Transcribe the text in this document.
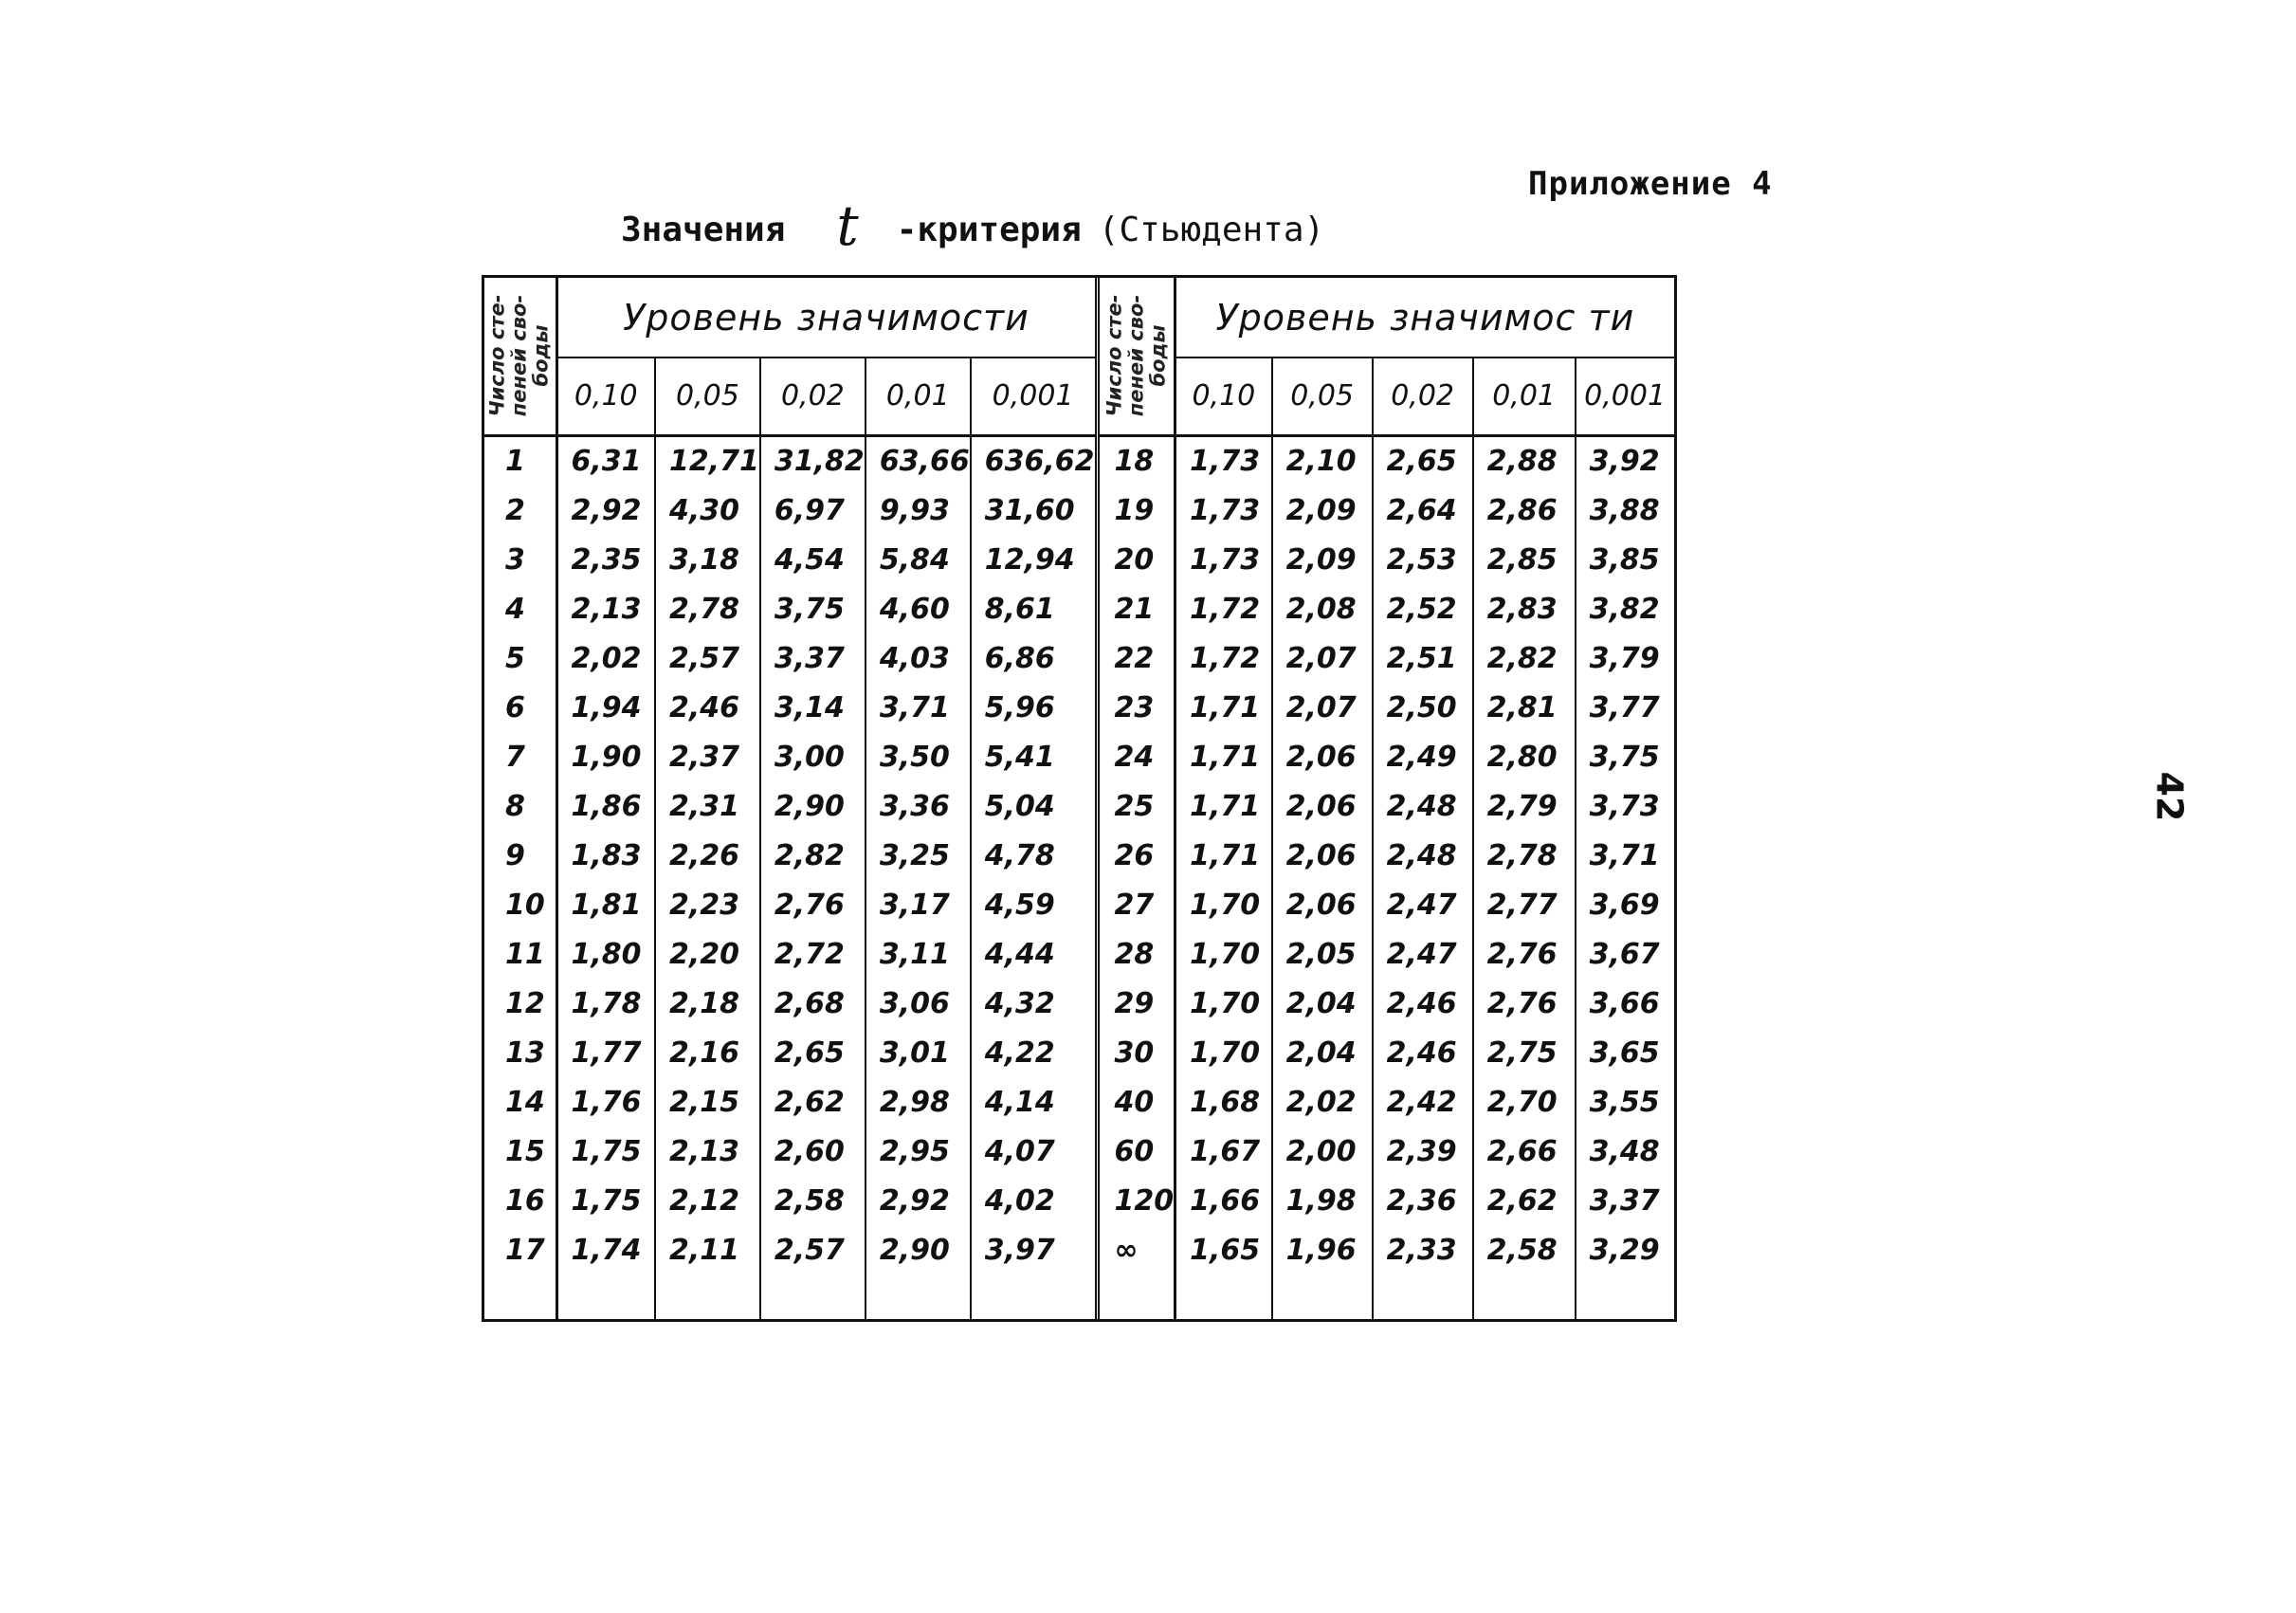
Приложение 4
Значения t -критерия (Стьюдента)
42
Число сте-
пеней сво-
боды	Уровень значимости					Число сте-
пеней сво-
боды	Уровень значимос ти				
	0,10	0,05	0,02	0,01	0,001		0,10	0,05	0,02	0,01	0,001
1	6,31	12,71	31,82	63,66	636,62	18	1,73	2,10	2,65	2,88	3,92
2	2,92	4,30	6,97	9,93	31,60	19	1,73	2,09	2,64	2,86	3,88
3	2,35	3,18	4,54	5,84	12,94	20	1,73	2,09	2,53	2,85	3,85
4	2,13	2,78	3,75	4,60	8,61	21	1,72	2,08	2,52	2,83	3,82
5	2,02	2,57	3,37	4,03	6,86	22	1,72	2,07	2,51	2,82	3,79
6	1,94	2,46	3,14	3,71	5,96	23	1,71	2,07	2,50	2,81	3,77
7	1,90	2,37	3,00	3,50	5,41	24	1,71	2,06	2,49	2,80	3,75
8	1,86	2,31	2,90	3,36	5,04	25	1,71	2,06	2,48	2,79	3,73
9	1,83	2,26	2,82	3,25	4,78	26	1,71	2,06	2,48	2,78	3,71
10	1,81	2,23	2,76	3,17	4,59	27	1,70	2,06	2,47	2,77	3,69
11	1,80	2,20	2,72	3,11	4,44	28	1,70	2,05	2,47	2,76	3,67
12	1,78	2,18	2,68	3,06	4,32	29	1,70	2,04	2,46	2,76	3,66
13	1,77	2,16	2,65	3,01	4,22	30	1,70	2,04	2,46	2,75	3,65
14	1,76	2,15	2,62	2,98	4,14	40	1,68	2,02	2,42	2,70	3,55
15	1,75	2,13	2,60	2,95	4,07	60	1,67	2,00	2,39	2,66	3,48
16	1,75	2,12	2,58	2,92	4,02	120	1,66	1,98	2,36	2,62	3,37
17	1,74	2,11	2,57	2,90	3,97	∞	1,65	1,96	2,33	2,58	3,29
